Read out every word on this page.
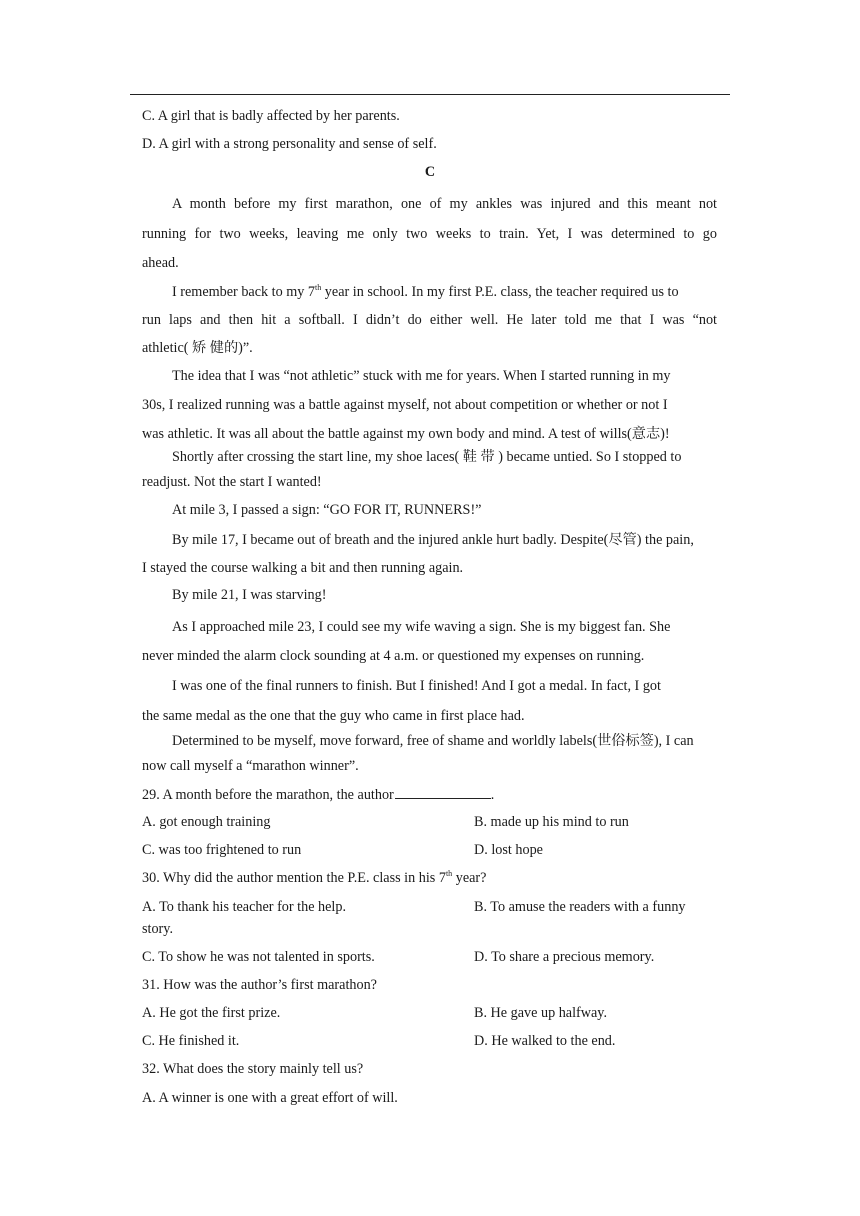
C. A girl that is badly affected by her parents.
D. A girl with a strong personality and sense of self.
C
A month before my first marathon, one of my ankles was injured and this meant not
running for two weeks, leaving me only two weeks to train. Yet, I was determined to go
ahead.
I remember back to my 7th year in school. In my first P.E. class, the teacher required us to
run laps and then hit a softball. I didn’t do either well. He later told me that I was “not
athletic( 矫 健的)”.
The idea that I was “not athletic” stuck with me for years. When I started running in my
30s, I realized running was a battle against myself, not about competition or whether or not I
was athletic. It was all about the battle against my own body and mind. A test of wills(意志)!
Shortly after crossing the start line, my shoe laces( 鞋 带 ) became untied. So I stopped to
readjust. Not the start I wanted!
At mile 3, I passed a sign: “GO FOR IT, RUNNERS!”
By mile 17, I became out of breath and the injured ankle hurt badly. Despite(尽管) the pain,
I stayed the course walking a bit and then running again.
By mile 21, I was starving!
As I approached mile 23, I could see my wife waving a sign. She is my biggest fan. She
never minded the alarm clock sounding at 4 a.m. or questioned my expenses on running.
I was one of the final runners to finish. But I finished! And I got a medal. In fact, I got
the same medal as the one that the guy who came in first place had.
Determined to be myself, move forward, free of shame and worldly labels(世俗标签), I can
now call myself a “marathon winner”.
29. A month before the marathon, the author	.
A. got enough training	B. made up his mind to run
C. was too frightened to run	D. lost hope
30. Why did the author mention the P.E. class in his 7th year?
A. To thank his teacher for the help.	B. To amuse the readers with a funny
story.
C. To show he was not talented in sports.	D. To share a precious memory.
31. How was the author’s first marathon?
A. He got the first prize.	B. He gave up halfway.
C. He finished it.	D. He walked to the end.
32. What does the story mainly tell us?
A. A winner is one with a great effort of will.
